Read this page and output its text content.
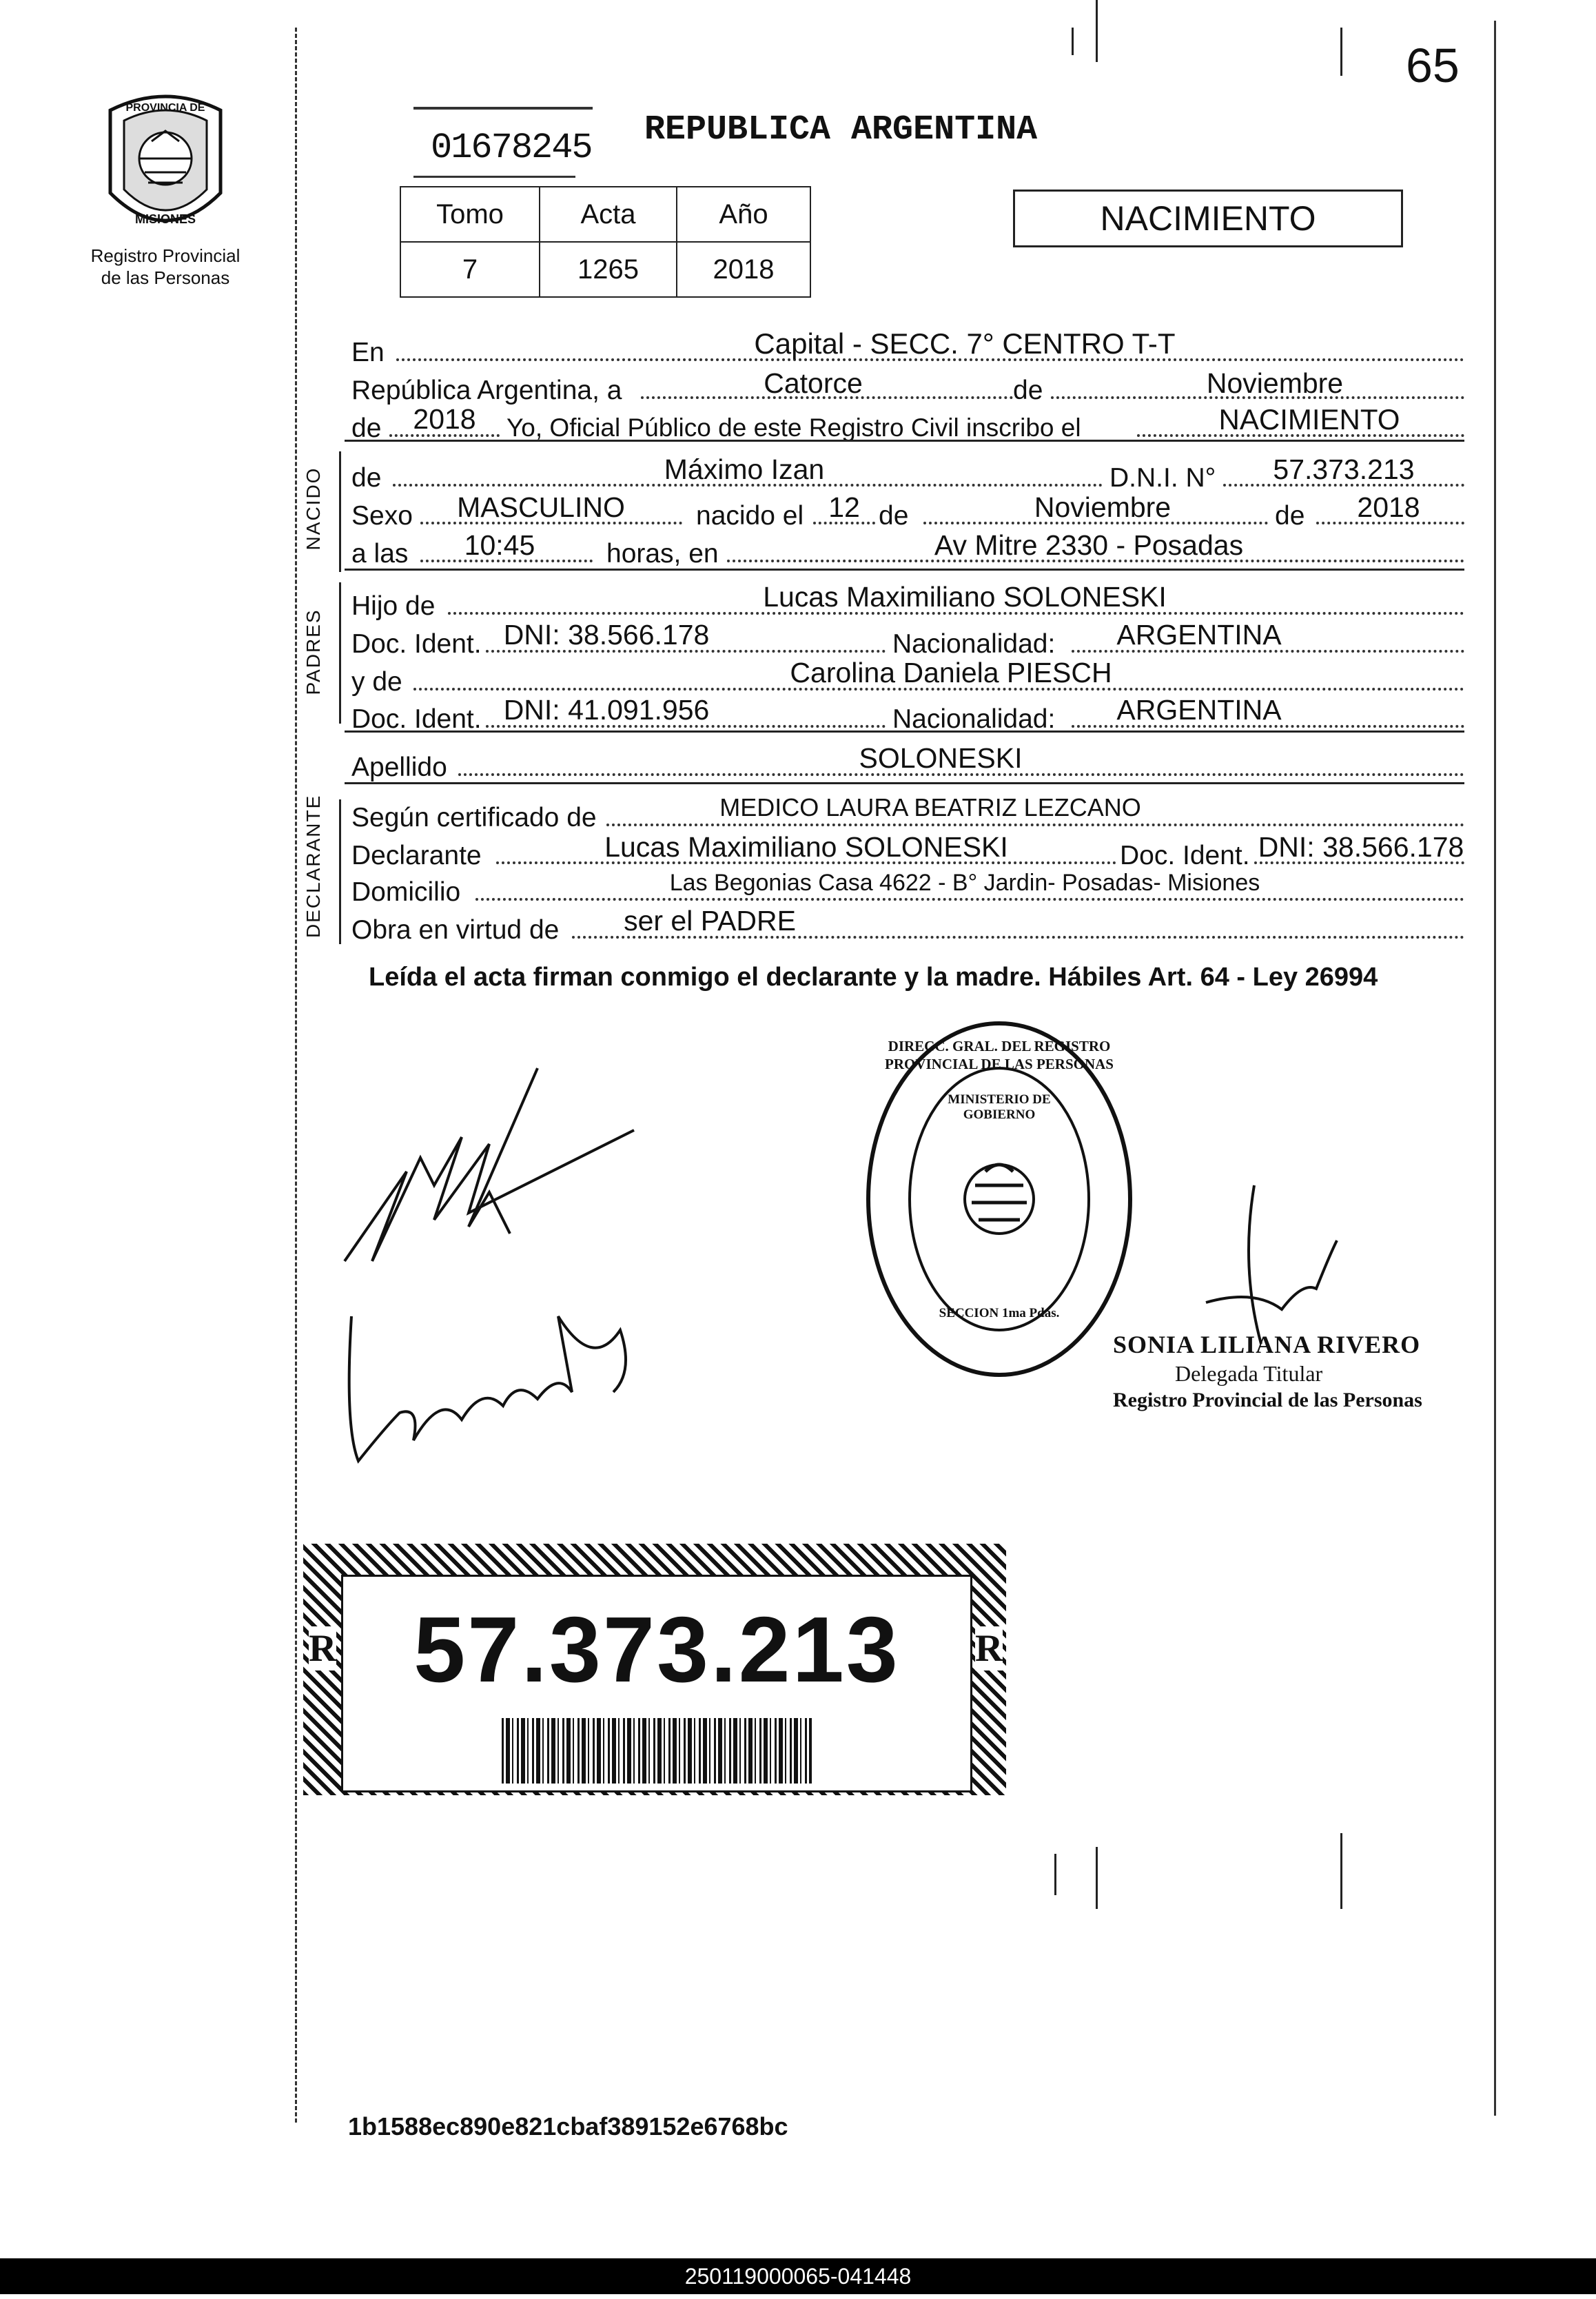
65
PROVINCIA DE
MISIONES
Registro Provincial de las Personas
01678245 REPUBLICA ARGENTINA
Tomo	Acta	Año
7	1265	2018
NACIMIENTO
En	Capital - SECC. 7° CENTRO T-T
República Argentina, a	Catorce	de	Noviembre
de	2018	Yo, Oficial Público de este Registro Civil inscribo el	NACIMIENTO
NACIDO de	Máximo Izan	D.N.I. N°	57.373.213
Sexo	MASCULINO	nacido el 12 de	Noviembre	de	2018
a las	10:45	horas, en	Av Mitre 2330 - Posadas
PADRES
Hijo de	Lucas Maximiliano SOLONESKI
Doc. Ident. DNI: 38.566.178	Nacionalidad:	ARGENTINA
y de	Carolina Daniela PIESCH
Doc. Ident. DNI: 41.091.956	Nacionalidad:	ARGENTINA
Apellido	SOLONESKI
DECLARANTE Según certificado de	MEDICO LAURA BEATRIZ LEZCANO
Declarante	Lucas Maximiliano SOLONESKI	Doc. Ident. DNI: 38.566.178
Domicilio	Las Begonias Casa 4622 - B° Jardin- Posadas- Misiones
Obra en virtud de	ser el PADRE
Leída el acta firman conmigo el declarante y la madre. Hábiles Art. 64 - Ley 26994
DIRECC. GRAL. DEL REGISTRO PROVINCIAL DE LAS PERSONAS
MINISTERIO DE GOBIERNO
SECCION 1ma Pdas.
SONIA LILIANA RIVERO
Delegada Titular
Registro Provincial de las Personas
57.373.213
R	R
1b1588ec890e821cbaf389152e6768bc
250119000065-041448
